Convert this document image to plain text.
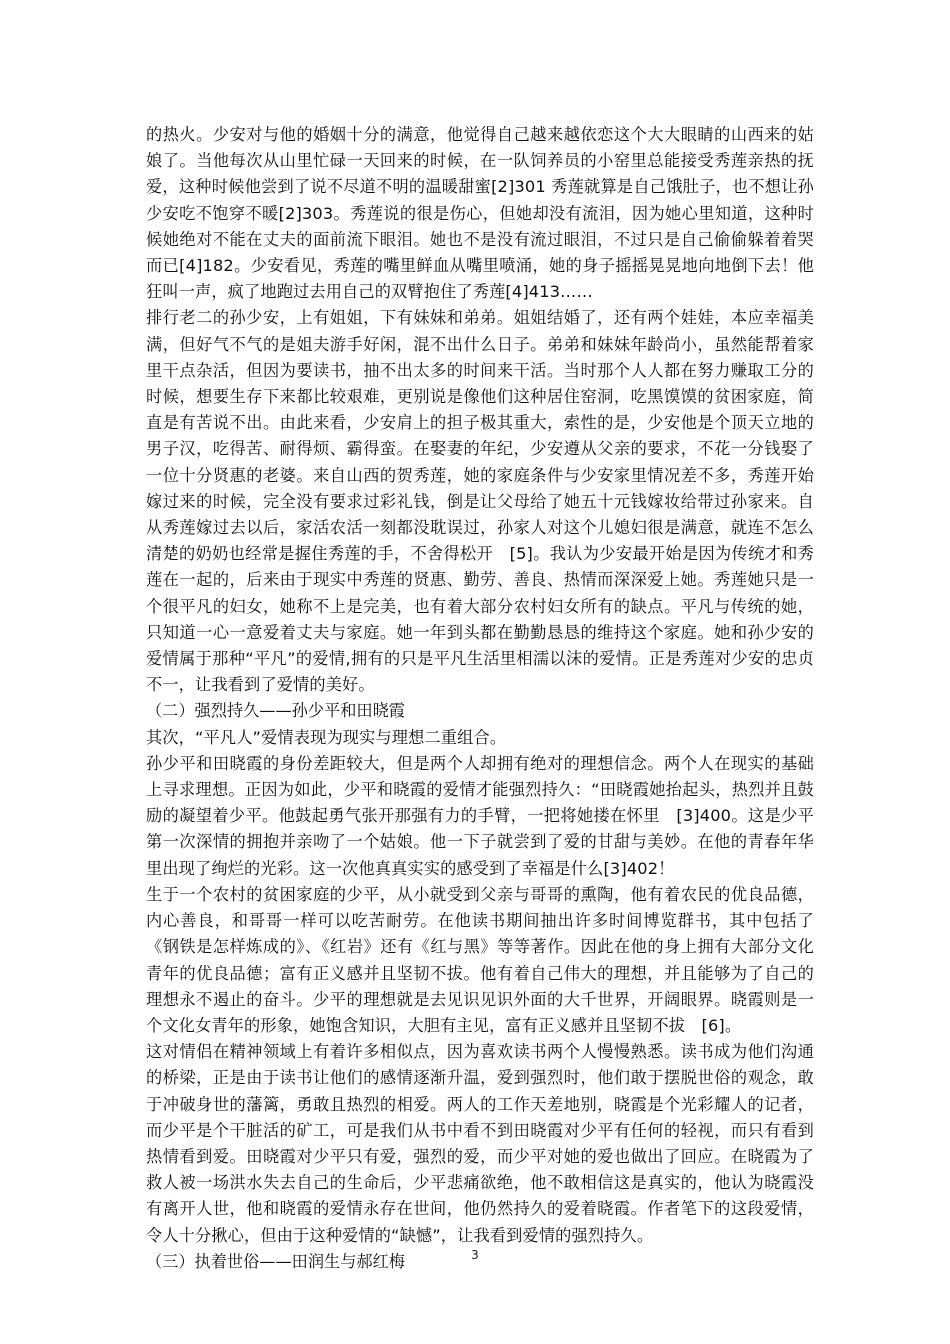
的热火。少安对与他的婚姻十分的满意，他觉得自己越来越依恋这个大大眼睛的山西来的姑娘了。当他每次从山里忙碌一天回来的时候，在一队饲养员的小窑里总能接受秀莲亲热的抚爱，这种时候他尝到了说不尽道不明的温暖甜蜜[2]301 秀莲就算是自己饿肚子，也不想让孙少安吃不饱穿不暖[2]303。秀莲说的很是伤心，但她却没有流泪，因为她心里知道，这种时候她绝对不能在丈夫的面前流下眼泪。她也不是没有流过眼泪，不过只是自己偷偷躲着着哭而已[4]182。少安看见，秀莲的嘴里鲜血从嘴里喷涌，她的身子摇摇晃晃地向地倒下去！他狂叫一声，疯了地跑过去用自己的双臂抱住了秀莲[4]413……

排行老二的孙少安，上有姐姐，下有妹妹和弟弟。姐姐结婚了，还有两个娃娃，本应幸福美满，但好气不气的是姐夫游手好闲，混不出什么日子。弟弟和妹妹年龄尚小，虽然能帮着家里干点杂活，但因为要读书，抽不出太多的时间来干活。当时那个人人都在努力赚取工分的时候，想要生存下来都比较艰难，更别说是像他们这种居住窑洞，吃黑馍馍的贫困家庭，简直是有苦说不出。由此来看，少安肩上的担子极其重大，索性的是，少安他是个顶天立地的男子汉，吃得苦、耐得烦、霸得蛮。在娶妻的年纪，少安遵从父亲的要求，不花一分钱娶了一位十分贤惠的老婆。来自山西的贺秀莲，她的家庭条件与少安家里情况差不多，秀莲开始嫁过来的时候，完全没有要求过彩礼钱，倒是让父母给了她五十元钱嫁妆给带过孙家来。自从秀莲嫁过去以后，家活农活一刻都没耽误过，孙家人对这个儿媳妇很是满意，就连不怎么清楚的奶奶也经常是握住秀莲的手，不舍得松开　[5]。我认为少安最开始是因为传统才和秀莲在一起的，后来由于现实中秀莲的贤惠、勤劳、善良、热情而深深爱上她。秀莲她只是一个很平凡的妇女，她称不上是完美，也有着大部分农村妇女所有的缺点。平凡与传统的她，只知道一心一意爱着丈夫与家庭。她一年到头都在勤勤恳恳的维持这个家庭。她和孙少安的爱情属于那种“平凡”的爱情,拥有的只是平凡生活里相濡以沫的爱情。正是秀莲对少安的忠贞不一，让我看到了爱情的美好。

（二）强烈持久——孙少平和田晓霞

其次，“平凡人”爱情表现为现实与理想二重组合。

孙少平和田晓霞的身份差距较大，但是两个人却拥有绝对的理想信念。两个人在现实的基础上寻求理想。正因为如此，少平和晓霞的爱情才能强烈持久：“田晓霞她抬起头，热烈并且鼓励的凝望着少平。他鼓起勇气张开那强有力的手臂，一把将她搂在怀里　[3]400。这是少平第一次深情的拥抱并亲吻了一个姑娘。他一下子就尝到了爱的甘甜与美妙。在他的青春年华里出现了绚烂的光彩。这一次他真真实实的感受到了幸福是什么[3]402！

生于一个农村的贫困家庭的少平，从小就受到父亲与哥哥的熏陶，他有着农民的优良品德，内心善良，和哥哥一样可以吃苦耐劳。在他读书期间抽出许多时间博览群书，其中包括了《钢铁是怎样炼成的》、《红岩》还有《红与黑》等等著作。因此在他的身上拥有大部分文化青年的优良品德；富有正义感并且坚韧不拔。他有着自己伟大的理想，并且能够为了自己的理想永不遏止的奋斗。少平的理想就是去见识见识外面的大千世界，开阔眼界。晓霞则是一个文化女青年的形象，她饱含知识，大胆有主见，富有正义感并且坚韧不拔　[6]。

这对情侣在精神领域上有着许多相似点，因为喜欢读书两个人慢慢熟悉。读书成为他们沟通的桥梁，正是由于读书让他们的感情逐渐升温，爱到强烈时，他们敢于摆脱世俗的观念，敢于冲破身世的藩篱，勇敢且热烈的相爱。两人的工作天差地别，晓霞是个光彩耀人的记者，而少平是个干脏活的矿工，可是我们从书中看不到田晓霞对少平有任何的轻视，而只有看到热情看到爱。田晓霞对少平只有爱，强烈的爱，而少平对她的爱也做出了回应。在晓霞为了救人被一场洪水失去自己的生命后，少平悲痛欲绝，他不敢相信这是真实的，他认为晓霞没有离开人世，他和晓霞的爱情永存在世间，他仍然持久的爱着晓霞。作者笔下的这段爱情，令人十分揪心，但由于这种爱情的“缺憾”，让我看到爱情的强烈持久。

（三）执着世俗——田润生与郝红梅	3
